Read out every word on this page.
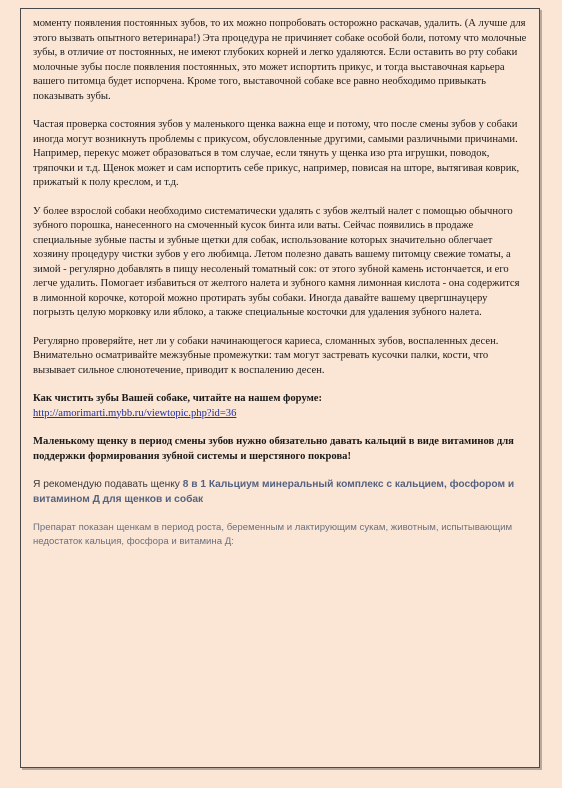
моменту появления постоянных зубов, то их можно попробовать осторожно раскачав, удалить. (А лучше для этого вызвать опытного ветеринара!) Эта процедура не причиняет собаке особой боли, потому что молочные зубы, в отличие от постоянных, не имеют глубоких корней и легко удаляются. Если оставить во рту собаки молочные зубы после появления постоянных, это может испортить прикус, и тогда выставочная карьера вашего питомца будет испорчена. Кроме того, выставочной собаке все равно необходимо привыкать показывать зубы.

Частая проверка состояния зубов у маленького щенка важна еще и потому, что после смены зубов у собаки иногда могут возникнуть проблемы с прикусом, обусловленные другими, самыми различными причинами. Например, перекус может образоваться в том случае, если тянуть у щенка изо рта игрушки, поводок, тряпочки и т.д. Щенок может и сам испортить себе прикус, например, повисая на шторе, вытягивая коврик, прижатый к полу креслом, и т.д.

У более взрослой собаки необходимо систематически удалять с зубов желтый налет с помощью обычного зубного порошка, нанесенного на смоченный кусок бинта или ваты. Сейчас появились в продаже специальные зубные пасты и зубные щетки для собак, использование которых значительно облегчает хозяину процедуру чистки зубов у его любимца. Летом полезно давать вашему питомцу свежие томаты, а зимой - регулярно добавлять в пищу несоленый томатный сок: от этого зубной камень истончается, и его легче удалить. Помогает избавиться от желтого налета и зубного камня лимонная кислота - она содержится в лимонной корочке, которой можно протирать зубы собаки. Иногда давайте вашему цвергшнауцеру погрызть целую морковку или яблоко, а также специальные косточки для удаления зубного налета.

Регулярно проверяйте, нет ли у собаки начинающегося кариеса, сломанных зубов, воспаленных десен. Внимательно осматривайте межзубные промежутки: там могут застревать кусочки палки, кости, что вызывает сильное слюнотечение, приводит к воспалению десен.

Как чистить зубы Вашей собаке, читайте на нашем форуме:

http://amorimarti.mybb.ru/viewtopic.php?id=36

Маленькому щенку в период смены зубов нужно обязательно давать кальций в виде витаминов для поддержки формирования зубной системы и шерстяного покрова!

Я рекомендую подавать щенку 8 в 1 Кальциум минеральный комплекс с кальцием, фосфором и витамином Д для щенков и собак

Препарат показан щенкам в период роста, беременным и лактирующим сукам, животным, испытывающим недостаток кальция, фосфора и витамина Д:
